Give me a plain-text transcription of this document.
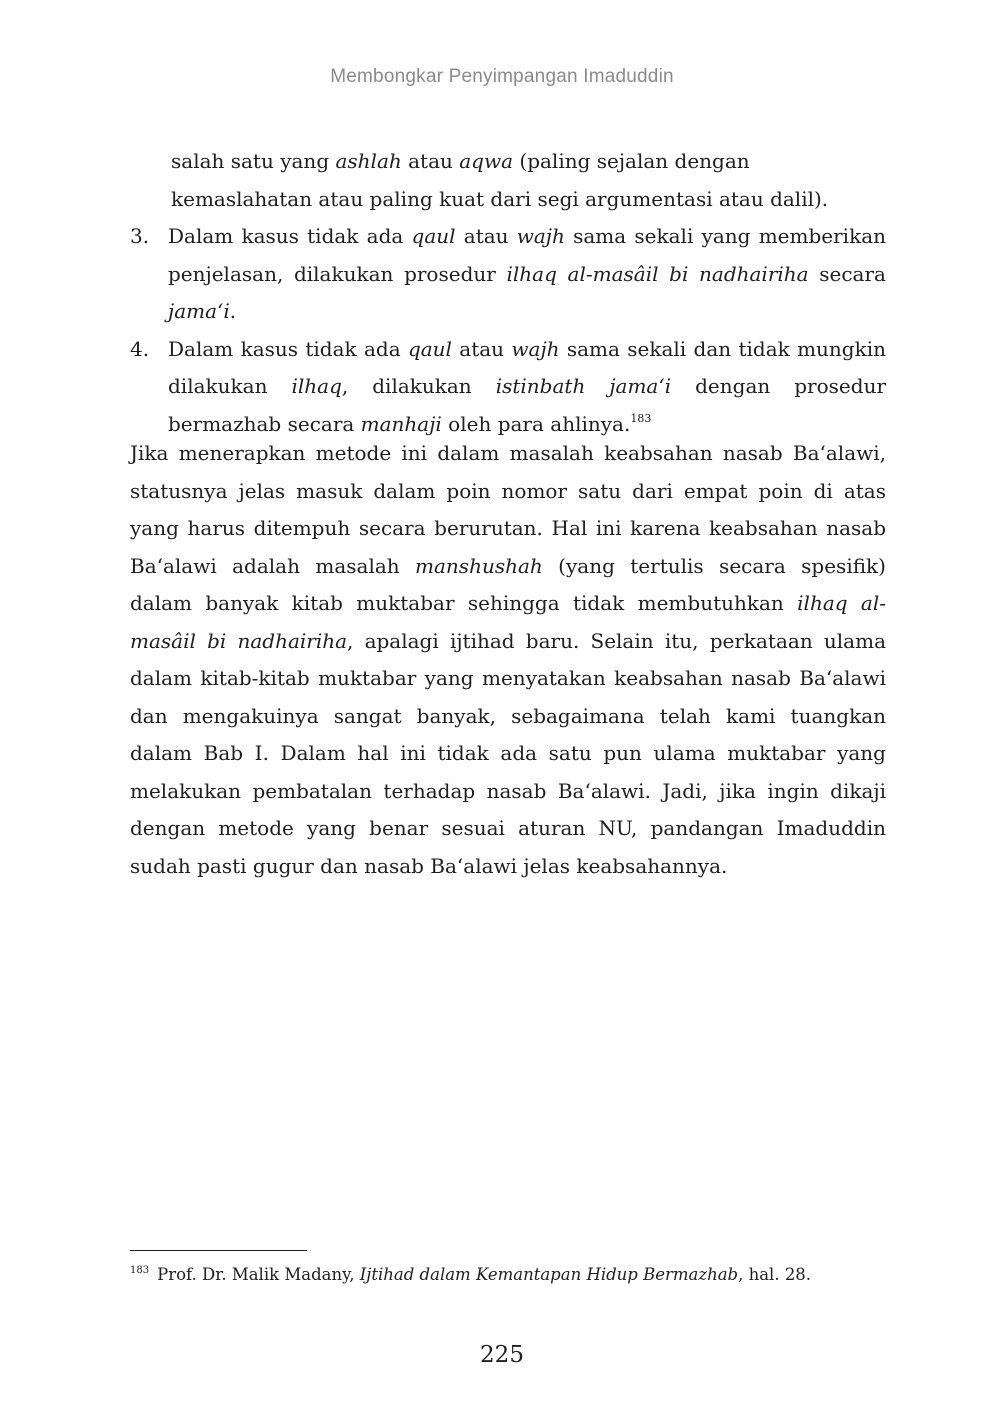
Membongkar Penyimpangan Imaduddin
salah satu yang ashlah atau aqwa (paling sejalan dengan kemaslahatan atau paling kuat dari segi argumentasi atau dalil).
3. Dalam kasus tidak ada qaul atau wajh sama sekali yang memberikan penjelasan, dilakukan prosedur ilhaq al-masâil bi nadhairiha secara jama‘i.
4. Dalam kasus tidak ada qaul atau wajh sama sekali dan tidak mungkin dilakukan ilhaq, dilakukan istinbath jama‘i dengan prosedur bermazhab secara manhaji oleh para ahlinya.$^{183}$
Jika menerapkan metode ini dalam masalah keabsahan nasab Ba‘alawi, statusnya jelas masuk dalam poin nomor satu dari empat poin di atas yang harus ditempuh secara berurutan. Hal ini karena keabsahan nasab Ba‘alawi adalah masalah manshushah (yang tertulis secara spesifik) dalam banyak kitab muktabar sehingga tidak membutuhkan ilhaq al-masâil bi nadhairiha, apalagi ijtihad baru. Selain itu, perkataan ulama dalam kitab-kitab muktabar yang menyatakan keabsahan nasab Ba‘alawi dan mengakuinya sangat banyak, sebagaimana telah kami tuangkan dalam Bab I. Dalam hal ini tidak ada satu pun ulama muktabar yang melakukan pembatalan terhadap nasab Ba‘alawi. Jadi, jika ingin dikaji dengan metode yang benar sesuai aturan NU, pandangan Imaduddin sudah pasti gugur dan nasab Ba‘alawi jelas keabsahannya.
$^{183}$ Prof. Dr. Malik Madany, Ijtihad dalam Kemantapan Hidup Bermazhab, hal. 28.
225
